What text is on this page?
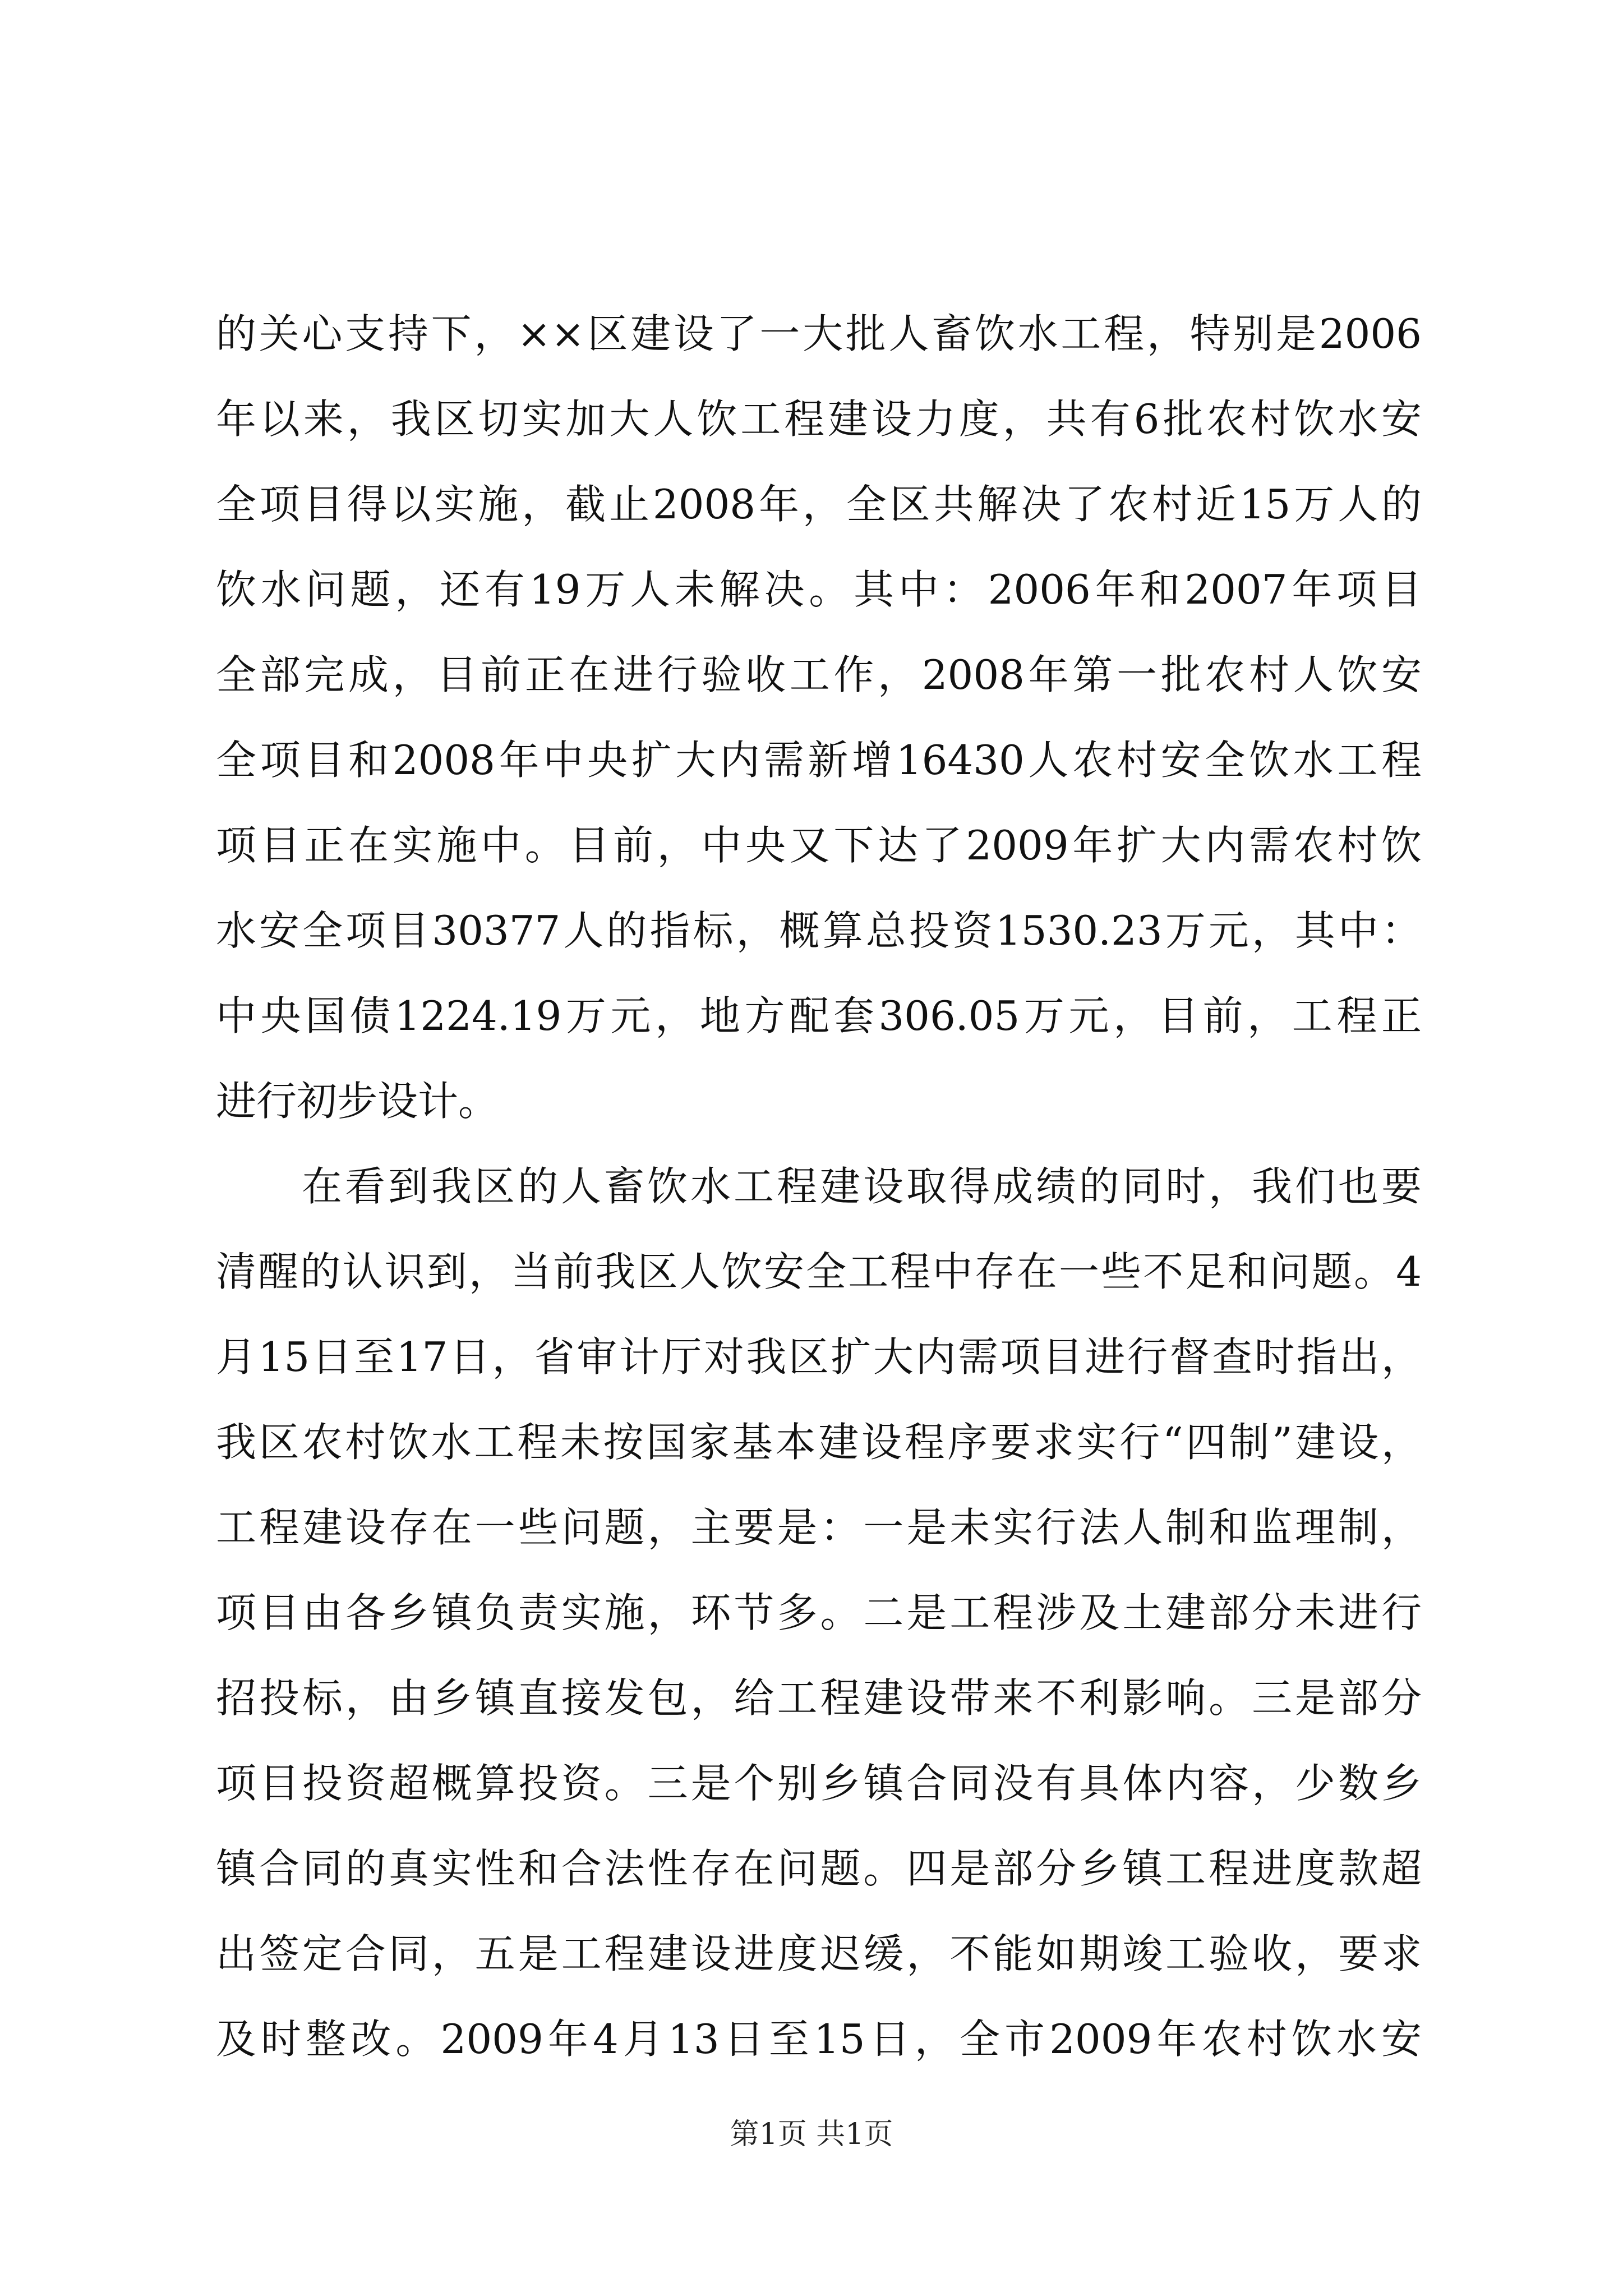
的关心支持下，××区建设了一大批人畜饮水工程，特别是2006
年以来，我区切实加大人饮工程建设力度，共有6批农村饮水安
全项目得以实施，截止2008年，全区共解决了农村近15万人的
饮水问题，还有19万人未解决。其中：2006年和2007年项目
全部完成，目前正在进行验收工作，2008年第一批农村人饮安
全项目和2008年中央扩大内需新增16430人农村安全饮水工程
项目正在实施中。目前，中央又下达了2009年扩大内需农村饮
水安全项目30377人的指标，概算总投资1530.23万元，其中：
中央国债1224.19万元，地方配套306.05万元，目前，工程正
进行初步设计。
在看到我区的人畜饮水工程建设取得成绩的同时，我们也要
清醒的认识到，当前我区人饮安全工程中存在一些不足和问题。4
月15日至17日，省审计厅对我区扩大内需项目进行督查时指出，
我区农村饮水工程未按国家基本建设程序要求实行“四制”建设，
工程建设存在一些问题，主要是：一是未实行法人制和监理制，
项目由各乡镇负责实施，环节多。二是工程涉及土建部分未进行
招投标，由乡镇直接发包，给工程建设带来不利影响。三是部分
项目投资超概算投资。三是个别乡镇合同没有具体内容，少数乡
镇合同的真实性和合法性存在问题。四是部分乡镇工程进度款超
出签定合同，五是工程建设进度迟缓，不能如期竣工验收，要求
及时整改。2009年4月13日至15日，全市2009年农村饮水安
第1页 共1页
